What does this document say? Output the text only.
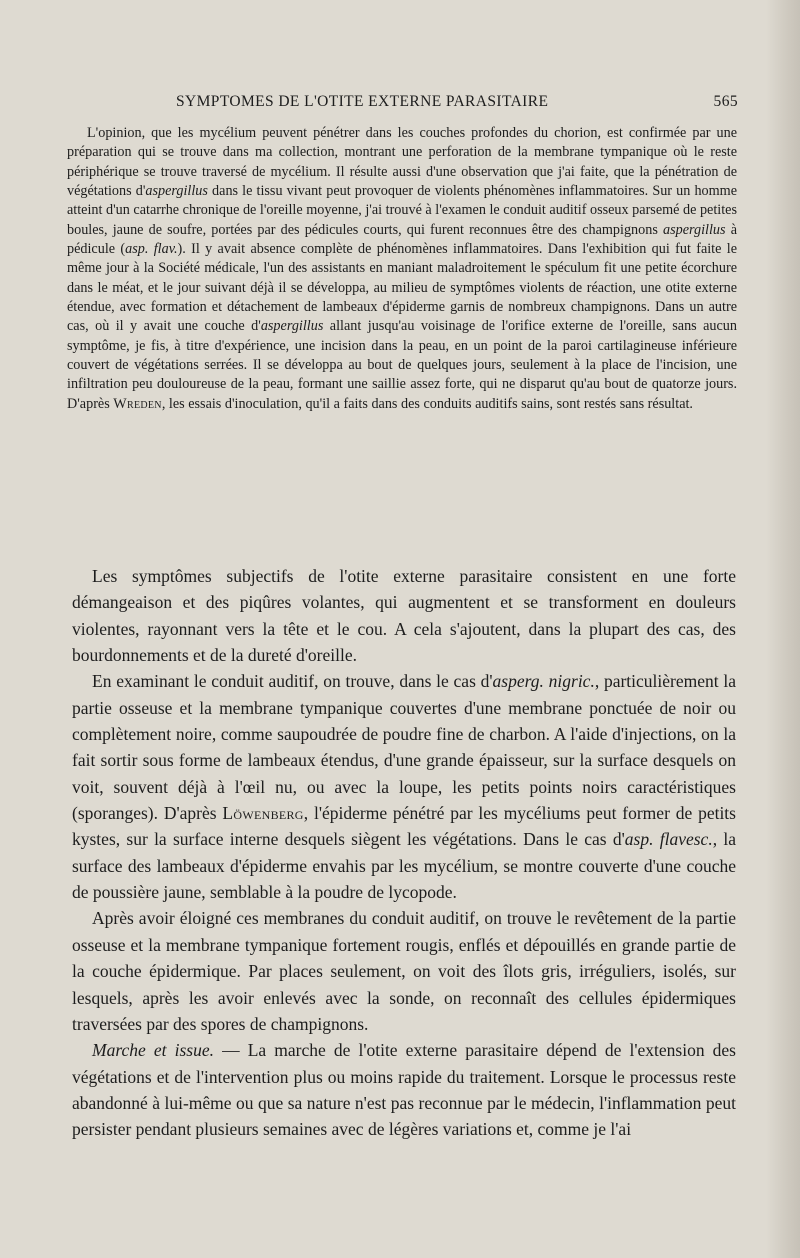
SYMPTOMES DE L'OTITE EXTERNE PARASITAIRE	565

L'opinion, que les mycélium peuvent pénétrer dans les couches profondes du chorion, est confirmée par une préparation qui se trouve dans ma collection, montrant une perforation de la membrane tympanique où le reste périphérique se trouve traversé de mycélium. Il résulte aussi d'une observation que j'ai faite, que la pénétration de végétations d'aspergillus dans le tissu vivant peut provoquer de violents phénomènes inflammatoires. Sur un homme atteint d'un catarrhe chronique de l'oreille moyenne, j'ai trouvé à l'examen le conduit auditif osseux parsemé de petites boules, jaune de soufre, portées par des pédicules courts, qui furent reconnues être des champignons aspergillus à pédicule (asp. flav.). Il y avait absence complète de phénomènes inflammatoires. Dans l'exhibition qui fut faite le même jour à la Société médicale, l'un des assistants en maniant maladroitement le spéculum fit une petite écorchure dans le méat, et le jour suivant déjà il se développa, au milieu de symptômes violents de réaction, une otite externe étendue, avec formation et détachement de lambeaux d'épiderme garnis de nombreux champignons. Dans un autre cas, où il y avait une couche d'aspergillus allant jusqu'au voisinage de l'orifice externe de l'oreille, sans aucun symptôme, je fis, à titre d'expérience, une incision dans la peau, en un point de la paroi cartilagineuse inférieure couvert de végétations serrées. Il se développa au bout de quelques jours, seulement à la place de l'incision, une infiltration peu douloureuse de la peau, formant une saillie assez forte, qui ne disparut qu'au bout de quatorze jours. D'après Wreden, les essais d'inoculation, qu'il a faits dans des conduits auditifs sains, sont restés sans résultat.

Les symptômes subjectifs de l'otite externe parasitaire consistent en une forte démangeaison et des piqûres volantes, qui augmentent et se transforment en douleurs violentes, rayonnant vers la tête et le cou. A cela s'ajoutent, dans la plupart des cas, des bourdonnements et de la dureté d'oreille.

En examinant le conduit auditif, on trouve, dans le cas d'asperg. nigric., particulièrement la partie osseuse et la membrane tympanique couvertes d'une membrane ponctuée de noir ou complètement noire, comme saupoudrée de poudre fine de charbon. A l'aide d'injections, on la fait sortir sous forme de lambeaux étendus, d'une grande épaisseur, sur la surface desquels on voit, souvent déjà à l'œil nu, ou avec la loupe, les petits points noirs caractéristiques (sporanges). D'après Löwenberg, l'épiderme pénétré par les mycéliums peut former de petits kystes, sur la surface interne desquels siègent les végétations. Dans le cas d'asp. flavesc., la surface des lambeaux d'épiderme envahis par les mycélium, se montre couverte d'une couche de poussière jaune, semblable à la poudre de lycopode.

Après avoir éloigné ces membranes du conduit auditif, on trouve le revêtement de la partie osseuse et la membrane tympanique fortement rougis, enflés et dépouillés en grande partie de la couche épidermique. Par places seulement, on voit des îlots gris, irréguliers, isolés, sur lesquels, après les avoir enlevés avec la sonde, on reconnaît des cellules épidermiques traversées par des spores de champignons.

Marche et issue. — La marche de l'otite externe parasitaire dépend de l'extension des végétations et de l'intervention plus ou moins rapide du traitement. Lorsque le processus reste abandonné à lui-même ou que sa nature n'est pas reconnue par le médecin, l'inflammation peut persister pendant plusieurs semaines avec de légères variations et, comme je l'ai
